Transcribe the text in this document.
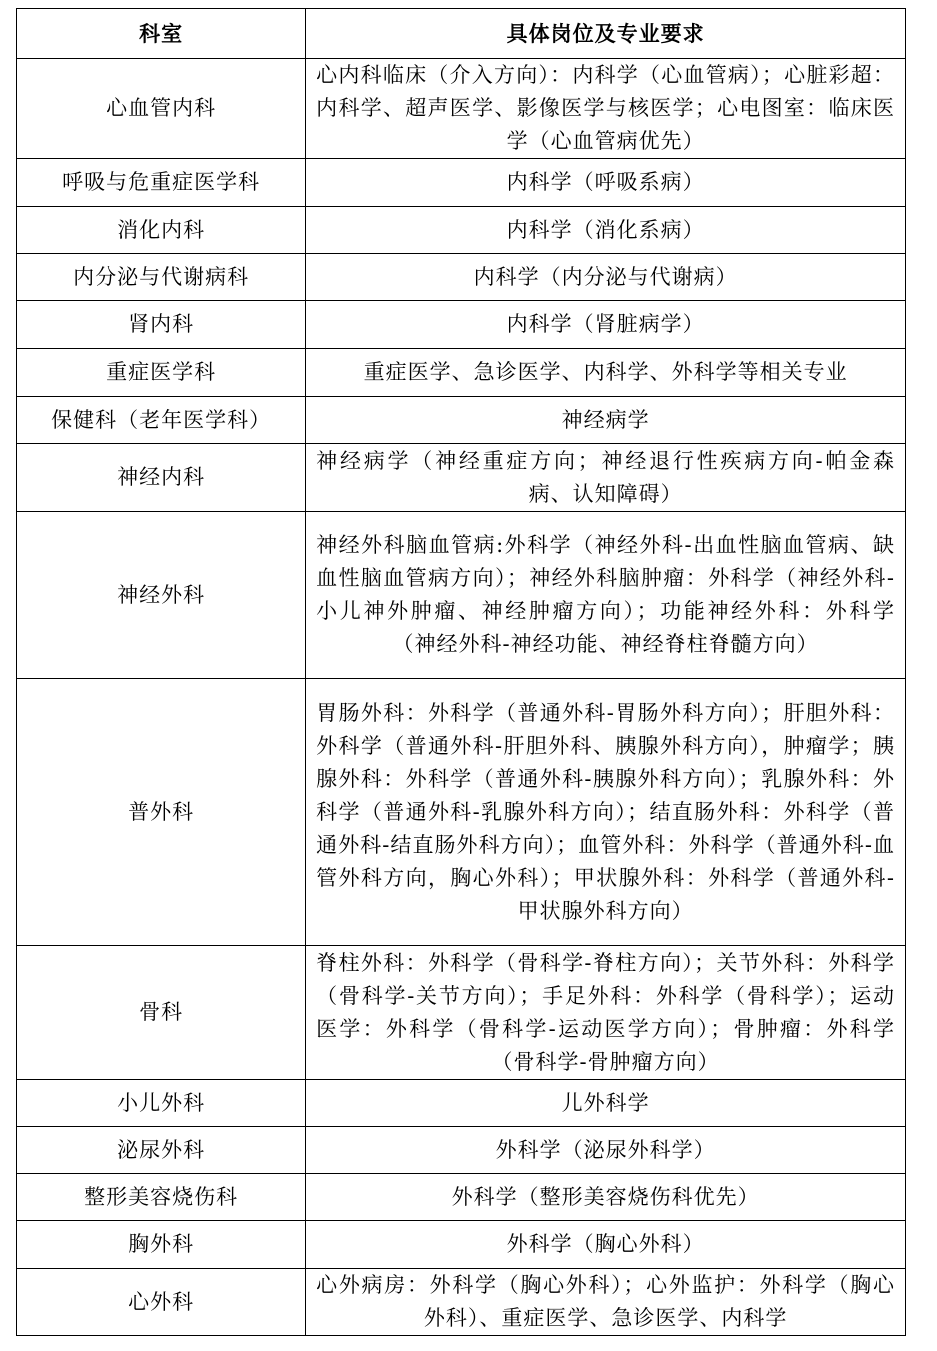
科室	具体岗位及专业要求
心血管内科	心内科临床（介入方向）：内科学（心血管病）；心脏彩超：内科学、超声医学、影像医学与核医学；心电图室：临床医学（心血管病优先）
呼吸与危重症医学科	内科学（呼吸系病）
消化内科	内科学（消化系病）
内分泌与代谢病科	内科学（内分泌与代谢病）
肾内科	内科学（肾脏病学）
重症医学科	重症医学、急诊医学、内科学、外科学等相关专业
保健科（老年医学科）	神经病学
神经内科	神经病学（神经重症方向；神经退行性疾病方向-帕金森病、认知障碍）
神经外科	神经外科脑血管病:外科学（神经外科-出血性脑血管病、缺血性脑血管病方向）；神经外科脑肿瘤：外科学（神经外科-小儿神外肿瘤、神经肿瘤方向）；功能神经外科：外科学（神经外科-神经功能、神经脊柱脊髓方向）
普外科	胃肠外科：外科学（普通外科-胃肠外科方向）；肝胆外科：外科学（普通外科-肝胆外科、胰腺外科方向），肿瘤学；胰腺外科：外科学（普通外科-胰腺外科方向）；乳腺外科：外科学（普通外科-乳腺外科方向）；结直肠外科：外科学（普通外科-结直肠外科方向）；血管外科：外科学（普通外科-血管外科方向，胸心外科）；甲状腺外科：外科学（普通外科-甲状腺外科方向）
骨科	脊柱外科：外科学（骨科学-脊柱方向）；关节外科：外科学（骨科学-关节方向）；手足外科：外科学（骨科学）；运动医学：外科学（骨科学-运动医学方向）；骨肿瘤：外科学（骨科学-骨肿瘤方向）
小儿外科	儿外科学
泌尿外科	外科学（泌尿外科学）
整形美容烧伤科	外科学（整形美容烧伤科优先）
胸外科	外科学（胸心外科）
心外科	心外病房：外科学（胸心外科）；心外监护：外科学（胸心外科）、重症医学、急诊医学、内科学
